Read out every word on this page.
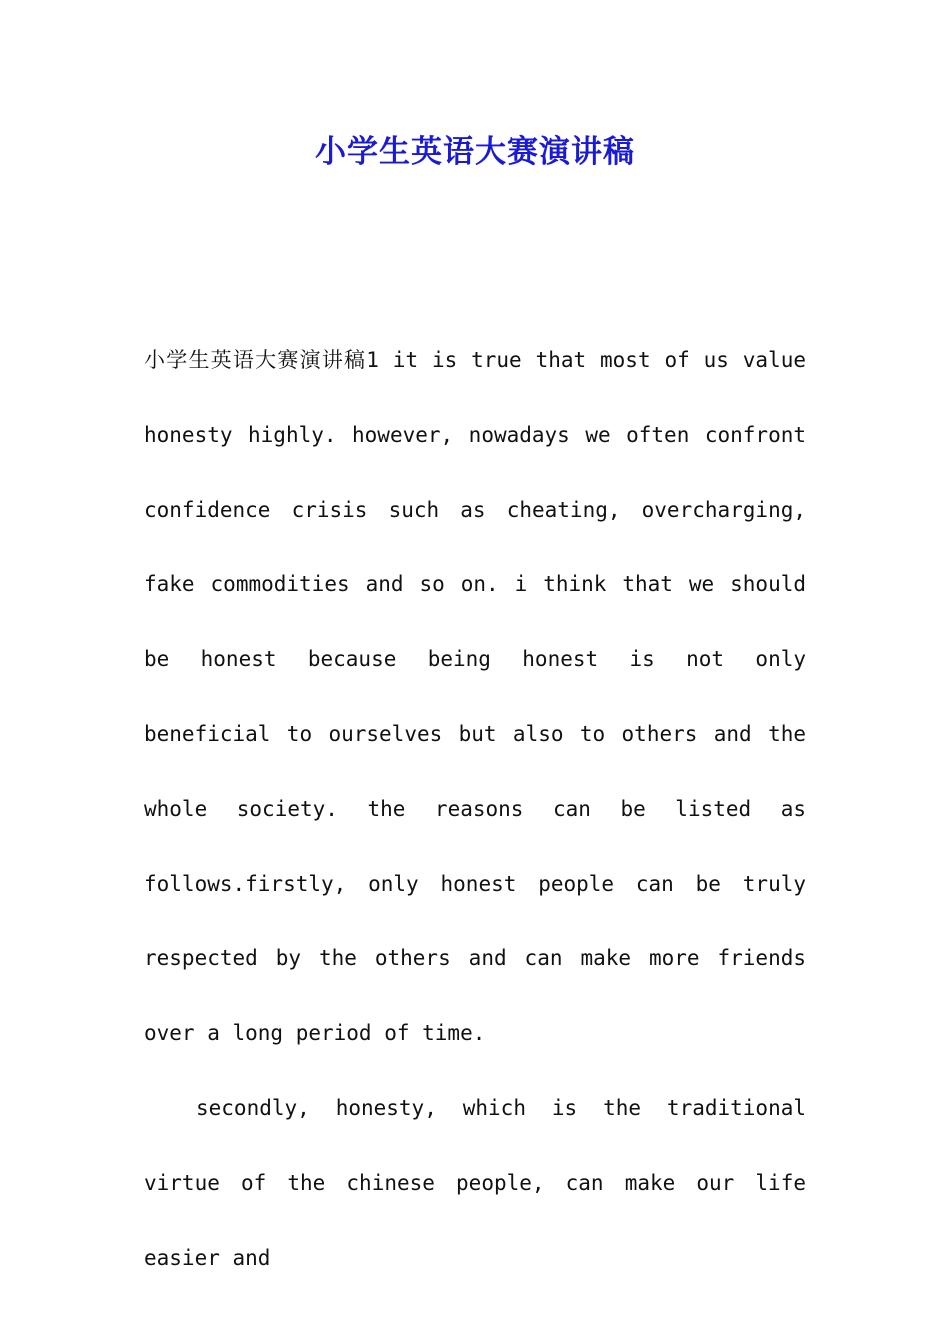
小学生英语大赛演讲稿

小学生英语大赛演讲稿1 it is true that most of us value honesty highly. however, nowadays we often confront confidence crisis such as cheating, overcharging, fake commodities and so on. i think that we should be honest because being honest is not only beneficial to ourselves but also to others and the whole society. the reasons can be listed as follows.firstly, only honest people can be truly respected by the others and can make more friends over a long period of time.

secondly, honesty, which is the traditional virtue of the chinese people, can make our life easier and
